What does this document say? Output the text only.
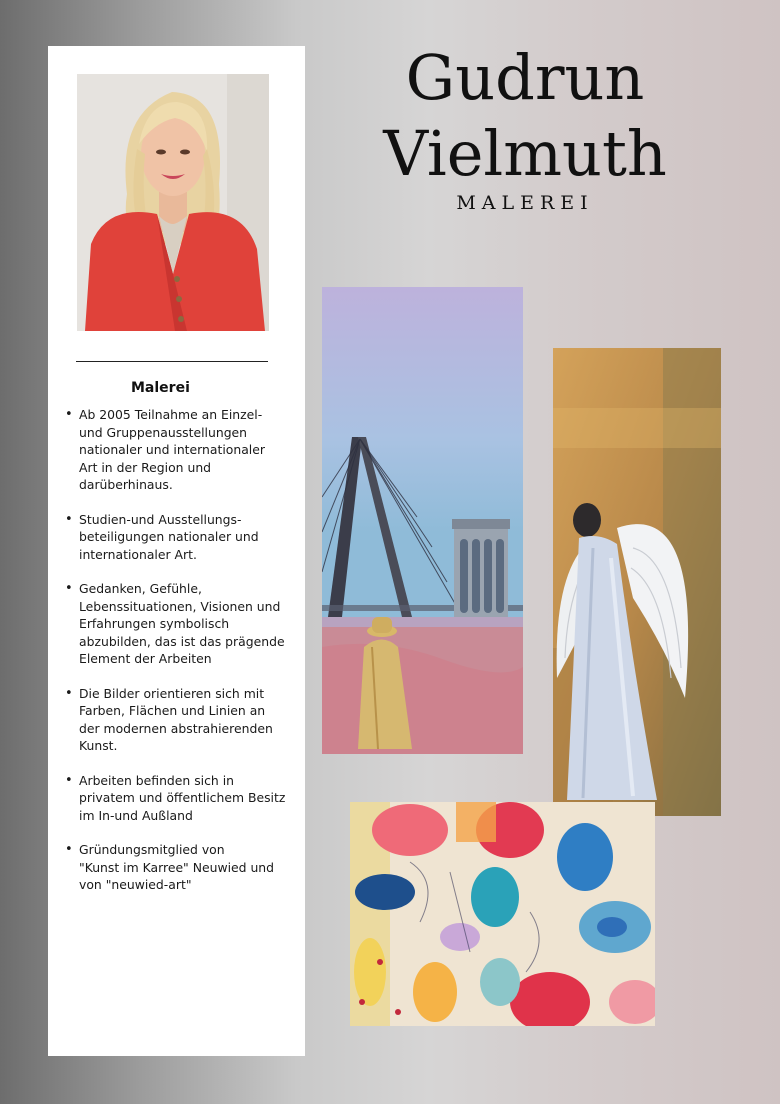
Malerei
• Ab 2005 Teilnahme an Einzel-
und Gruppenausstellungen
nationaler und internationaler
Art in der Region und
darüberhinaus.
• Studien-und Ausstellungs-
beteiligungen nationaler und
internationaler Art.
• Gedanken, Gefühle,
Lebenssituationen, Visionen und
Erfahrungen symbolisch
abzubilden, das ist das prägende
Element der Arbeiten
• Die Bilder orientieren sich mit
Farben, Flächen und Linien an
der modernen abstrahierenden
Kunst.
• Arbeiten befinden sich in
privatem und öffentlichem Besitz
im In-und Außland
• Gründungsmitglied von
"Kunst im Karree" Neuwied und
von "neuwied-art"
Gudrun
Vielmuth
MALEREI
